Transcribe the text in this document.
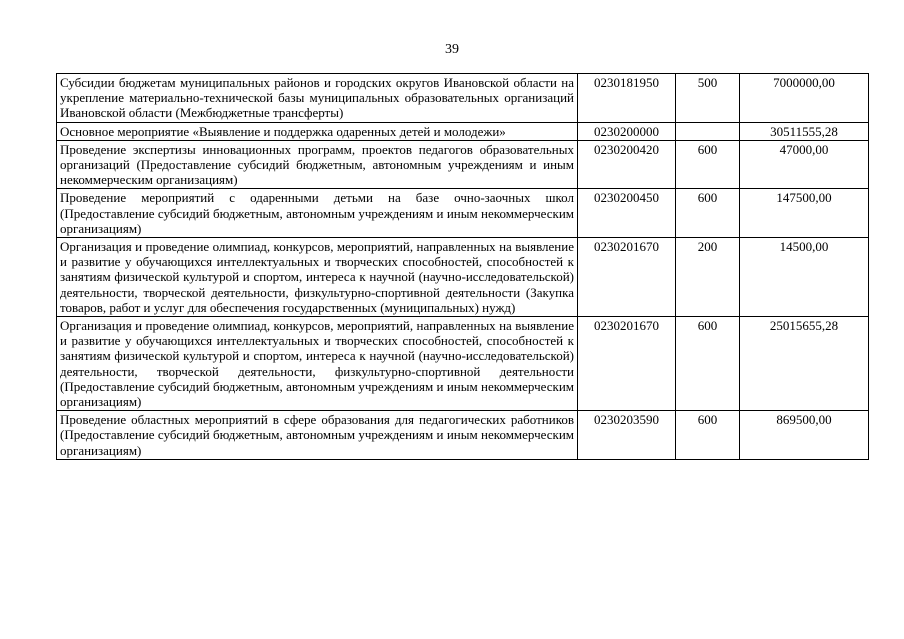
39
Субсидии бюджетам муниципальных районов и городских округов Ивановской области на укрепление материально-технической базы муниципальных образовательных организаций Ивановской области (Межбюджетные трансферты)	0230181950	500	7000000,00
Основное мероприятие «Выявление и поддержка одаренных детей и молодежи»	0230200000		30511555,28
Проведение экспертизы инновационных программ, проектов педагогов образовательных организаций (Предоставление субсидий бюджетным, автономным учреждениям и иным некоммерческим организациям)	0230200420	600	47000,00
Проведение мероприятий с одаренными детьми на базе очно-заочных школ (Предоставление субсидий бюджетным, автономным учреждениям и иным некоммерческим организациям)	0230200450	600	147500,00
Организация и проведение олимпиад, конкурсов, мероприятий, направленных на выявление и развитие у обучающихся интеллектуальных и творческих способностей, способностей к занятиям физической культурой и спортом, интереса к научной (научно-исследовательской) деятельности, творческой деятельности, физкультурно-спортивной деятельности (Закупка товаров, работ и услуг для обеспечения государственных (муниципальных) нужд)	0230201670	200	14500,00
Организация и проведение олимпиад, конкурсов, мероприятий, направленных на выявление и развитие у обучающихся интеллектуальных и творческих способностей, способностей к занятиям физической культурой и спортом, интереса к научной (научно-исследовательской) деятельности, творческой деятельности, физкультурно-спортивной деятельности (Предоставление субсидий бюджетным, автономным учреждениям и иным некоммерческим организациям)	0230201670	600	25015655,28
Проведение областных мероприятий в сфере образования для педагогических работников (Предоставление субсидий бюджетным, автономным учреждениям и иным некоммерческим организациям)	0230203590	600	869500,00
